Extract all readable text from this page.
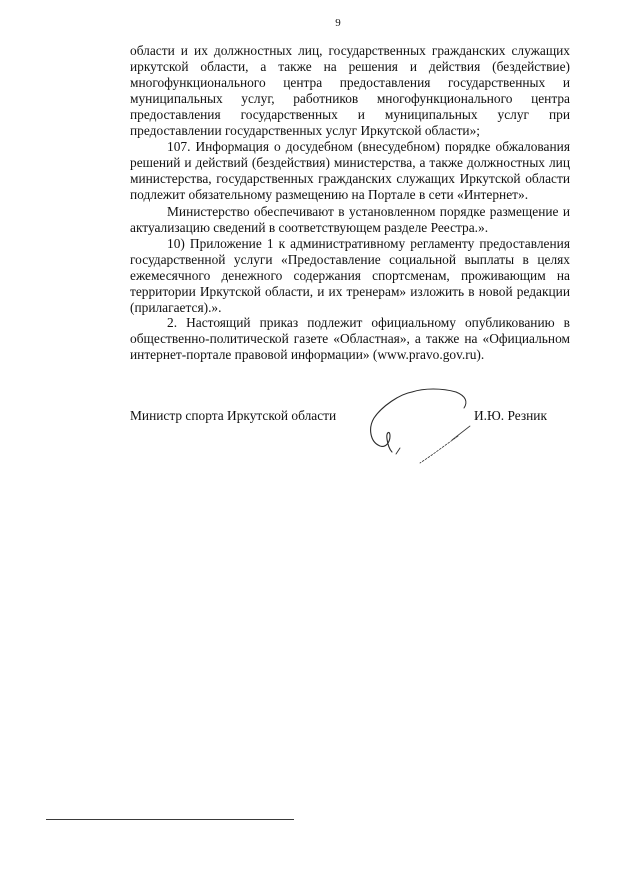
9

области и их должностных лиц, государственных гражданских служащих иркутской области, а также на решения и действия (бездействие) многофункционального центра предоставления государственных и муниципальных услуг, работников многофункционального центра предоставления государственных и муниципальных услуг при предоставлении государственных услуг Иркутской области»;

107. Информация о досудебном (внесудебном) порядке обжалования решений и действий (бездействия) министерства, а также должностных лиц министерства, государственных гражданских служащих Иркутской области подлежит обязательному размещению на Портале в сети «Интернет».

Министерство обеспечивают в установленном порядке размещение и актуализацию сведений в соответствующем разделе Реестра.».

10) Приложение 1 к административному регламенту предоставления государственной услуги «Предоставление социальной выплаты в целях ежемесячного денежного содержания спортсменам, проживающим на территории Иркутской области, и их тренерам» изложить в новой редакции (прилагается).».

2. Настоящий приказ подлежит официальному опубликованию в общественно-политической газете «Областная», а также на «Официальном интернет-портале правовой информации» (www.pravo.gov.ru).

Министр спорта Иркутской области	И.Ю. Резник
